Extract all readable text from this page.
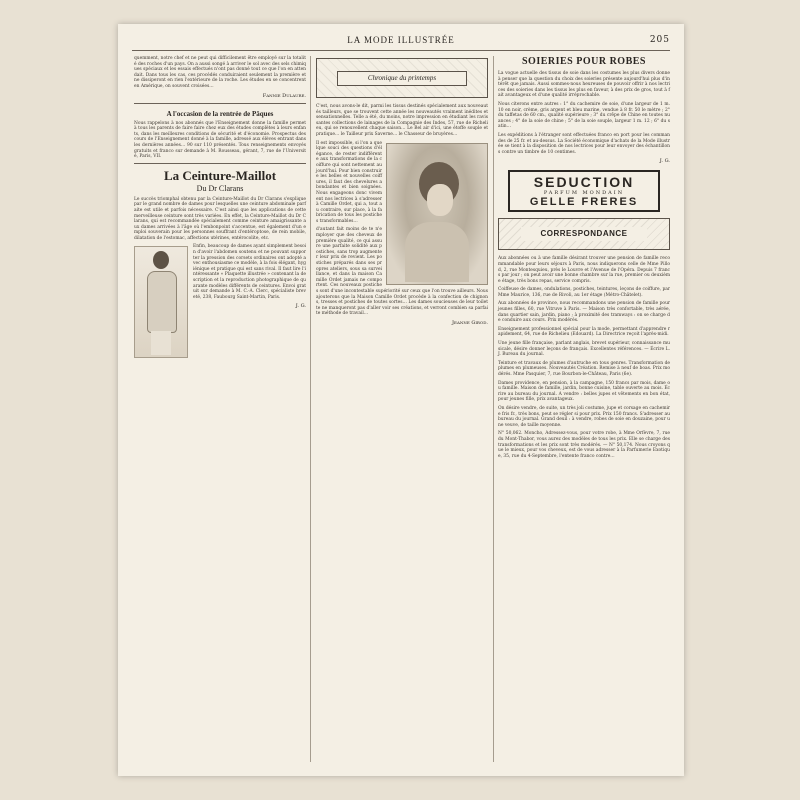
LA MODE ILLUSTRÉE	205
quemment, notre chef et ne peut qui difficilement être employé sur la totalité des roches d'un pays. On a aussi songé à arriver le sol avec des sels chimiques spéciaux et les essais effectués n'ont pas donné tout ce que l'on en attendait. Dans tous les cas, ces procédés conduiraient seulement la première et ne dissiperont en rien l'extérieure de la roche. Les études en se concentrent en Amérique, on souvent croisées…
Fannie Dulaure.
A l'occasion de la rentrée de Pâques
Nous rappelons à nos abonnés que l'Enseignement donne la famille permet à tous les parents de faire faire chez eux des études complètes à leurs enfants, dans les meilleures conditions de sécurité et d'économie. Prospectus des cours de l'Enseignement donné à la famille, adressé aux élèves entrant dans les dernières années… 90 sur 110 présentés. Tous renseignements envoyés gratuits et franco sur demande à M. Rousseau, gérant, 7, rue de l'Université, Paris, VII.
La Ceinture-Maillot
Du Dr Clarans
Le succès triomphal obtenu par la Ceinture-Maillot du Dr Clarans s'explique par le grand nombre de dames pour lesquelles une ceinture abdominale parfaite est utile et parfois nécessaire. C'est ainsi que les applications de cette merveilleuse ceinture sont très variées. En effet, la Ceinture-Maillot du Dr Clarans, qui est recommandée spécialement comme ceinture amaigrissante aux dames arrivées à l'âge où l'embonpoint s'accentue, est également d'un emploi souverain pour les personnes souffrant d'entéroptose, de rein mobile, dilatation de l'estomac, affections utérines, entérocolite, etc.
Enfin, beaucoup de dames ayant simplement besoin d'avoir l'abdomen soutenu et ne pouvant supporter la pression des corsets ordinaires ont adopté avec enthousiasme ce modèle, à la fois élégant, hygiénique et pratique qui est sans rival. Il faut lire l'intéressante « Plaquette illustrée » contenant la description et la reproduction photographique de quarante modèles différents de ceintures. Envoi gratuit sur demande à M. C.-A. Clerc, spécialiste breveté, 238, Faubourg Saint-Martin, Paris.
J. G.
Chronique du printemps
C'est, nous avons-le dit, parmi les tissus destinés spécialement aux nouveautés tailleurs, que se trouvent cette année les nouveautés vraiment inédites et sensationnelles. Telle a été, du moins, notre impression en étudiant les ravissantes collections de lainages de la Compagnie des Indes, 57, rue de Richelieu, qui se renouvellent chaque saison… Le Bel air d'ici, une étoffe souple et pratique… le Tailleur prix Saverne… le Chasseur de bruyères…
Il est impossible, si l'on a quelque souci des questions d'élégance, de rester indifférente aux transformations de la coiffure qui sont nettement aujourd'hui. Pour bien construire les belles et nouvelles coiffures, il faut des chevelures abondantes et bien soignées. Nous engageons donc vivement nos lectrices à s'adresser à Camille Ordet, qui a, tout au contraire, sur place, à la fabrication de tous les postiches transformables…
d'autant fait moins de te n'employer que des cheveux de première qualité, ce qui assure une parfaite solidité aux postiches, sans trop augmenter leur prix de revient. Les postiches préparés dans ses propres ateliers, sous sa surveillance, et dans la maison Camille Ordet jamais ne comportent. Ces nouveaux postiches sont d'une incontestable supériorité sur ceux que l'on trouve ailleurs. Nous ajouterons que la Maison Camille Ordet procède à la confection de chignons, tresses et postiches de toutes sortes… Les dames soucieuses de leur toilette ne manqueront pas d'aller voir ses créations, et verront combien sa parfaite méthode de travail…
Jeanne Girod.
SOIERIES POUR ROBES
La vogue actuelle des tissus de soie dans les costumes les plus divers donne à penser que la question du choix des soieries présente aujourd'hui plus d'intérêt que jamais. Aussi sommes-nous heureuses de pouvoir offrir à nos lectrices des soieries dans les tissus les plus en faveur, à des prix de gros, tout à fait avantageux et d'une qualité irréprochable.
Nous citerons entre autres : 1° du cachemire de soie, d'une largeur de 1 m. 10 en noir, crème, gris argent et bleu marine, vendue à 8 fr. 50 le mètre ; 2° du taffetas de 60 cm., qualité supérieure ; 3° du crêpe de Chine en toutes nuances ; 4° de la soie de chine ; 5° de la soie souple, largeur 1 m. 12 ; 6° du satin…
Les expéditions à l'étranger sont effectuées franco en port pour les commandes de 25 fr. et au-dessus. La Société économique d'achats de la Mode illustrée se tient à la disposition de nos lectrices pour leur envoyer des échantillons contre un timbre de 10 centimes.
J. G.
SEDUCTION
PARFUM MONDAIN
GELLE FRERES
CORRESPONDANCE
Aux abonnées ou à une famille désirant trouver une pension de famille recommandable pour leurs séjours à Paris, nous indiquerons celle de Mme Pillod, 2, rue Montesquieu, près le Louvre et l'Avenue de l'Opéra. Depuis 7 francs par jour ; on peut avoir une bonne chambre sur la rue, premier ou deuxième étage, très bons repas, service compris.
Coiffeuse de dames, ondulations, postiches, teintures, leçons de coiffure, par Mme Maurice, 136, rue de Rivoli, au 1er étage (Métro-Châtelet).
Aux abonnées de province, nous recommandons une pension de famille pour jeunes filles, 60, rue Vitruve à Paris. — Maison très confortable, très aérée, dans quartier sain, jardin, piano ; à proximité des tramways : on se charge de conduire aux cours. Prix modérés.
Enseignement professionnel spécial pour la mode, permettant d'apprendre rapidement, 64, rue de Richelieu (Edouard). La Directrice reçoit l'après-midi.
Une jeune fille française, parlant anglais, brevet supérieur, connaissance musicale, désire donner leçons de français. Excellentes références. — Écrire L. J. Bureau du journal.
Teinture et travaux de plumes d'autruche en tous genres. Transformation de plumes en plumeuses. Nouveautés Création. Remise à neuf de boas. Prix modérés. Mme Pasquier, 7, rue Bourbon-le-Château, Paris (6e).
Dames providence, en pension, à la campagne, 150 francs par mois, dame ou famille. Maison de famille, jardin, bonne cuisine, table ouverte au mois. Écrire au bureau du journal. A vendre : belles jupes et vêtements en bon état, pour jeunes fille, prix avantageux.
On désire vendre, de suite, un très joli costume, jupe et corsage en cachemire fris fr., très bons, peut se régler si pour prix. Prix 150 francs. S'adresser au bureau du journal. Grand deuil : à vendre, robes de soie en douzaine, pour une veuve, de taille moyenne.
N° 50,062. Moncho, Adressez-vous, pour votre robe, à Mme Orfèvre, 7, rue du Mont-Thabor, vous aurez des modèles de tous les prix. Elle se charge des transformations et les prix sont très modérés. — N° 50,174. Nous croyons que le mieux, pour vos cheveux, est de vous adresser à la Parfumerie Exotique, 35, rue du 4-Septembre, l'entente franco contre…
